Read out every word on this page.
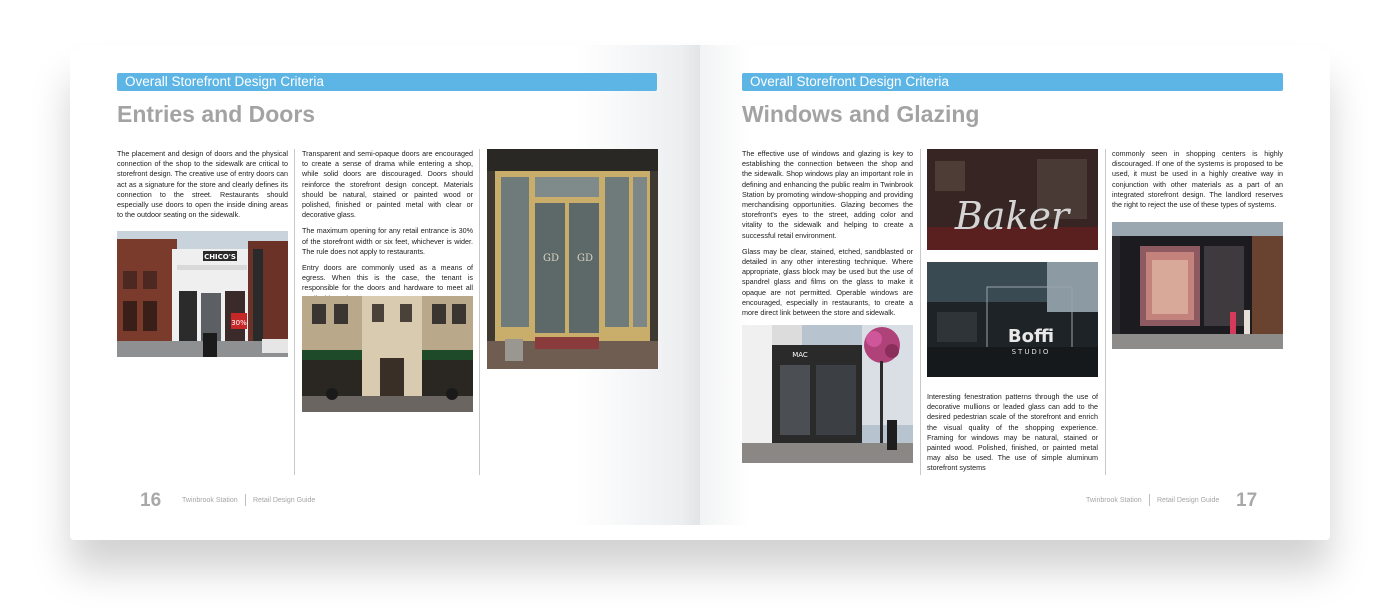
Overall Storefront Design Criteria
Entries and Doors

The placement and design of doors and the physical connection of the shop to the sidewalk are critical to storefront design. The creative use of entry doors can act as a signature for the store and clearly defines its connection to the street. Restaurants should especially use doors to open the inside dining areas to the outdoor seating on the sidewalk.

Transparent and semi-opaque doors are encouraged to create a sense of drama while entering a shop, while solid doors are discouraged. Doors should reinforce the storefront design concept. Materials should be natural, stained or painted wood or polished, finished or painted metal with clear or decorative glass.

The maximum opening for any retail entrance is 30% of the storefront width or six feet, whichever is wider. The rule does not apply to restaurants.

Entry doors are commonly used as a means of egress. When this is the case, the tenant is responsible for the doors and hardware to meet all

CHICO'S
30%
GD GD
16	Twinbrook Station Retail Design Guide
Overall Storefront Design Criteria
Windows and Glazing

The effective use of windows and glazing is key to establishing the connection between the shop and the sidewalk. Shop windows play an important role in defining and enhancing the public realm in Twinbrook Station by promoting window-shopping and providing merchandising opportunities. Glazing becomes the storefront's eyes to the street, adding color and vitality to the sidewalk and helping to create a successful retail environment.

Glass may be clear, stained, etched, sandblasted or detailed in any other interesting technique. Where appropriate, glass block may be used but the use of spandrel glass and films on the glass to make it opaque are not permitted. Operable windows are encouraged, especially in restaurants, to create a more direct link between the store and sidewalk.

MAC
Baker
Boffi
STUDIO

Interesting fenestration patterns through the use of decorative mullions or leaded glass can add to the desired pedestrian scale of the storefront and enrich the visual quality of the shopping experience. Framing for windows may be natural, stained or painted wood. Polished, finished, or painted metal may also be used. The use of simple aluminum storefront systems

commonly seen in shopping centers is highly discouraged. If one of the systems is proposed to be used, it must be used in a highly creative way in conjunction with other materials as a part of an integrated storefront design. The landlord reserves the right to reject the use of these types of systems.

Twinbrook Station Retail Design Guide 17
